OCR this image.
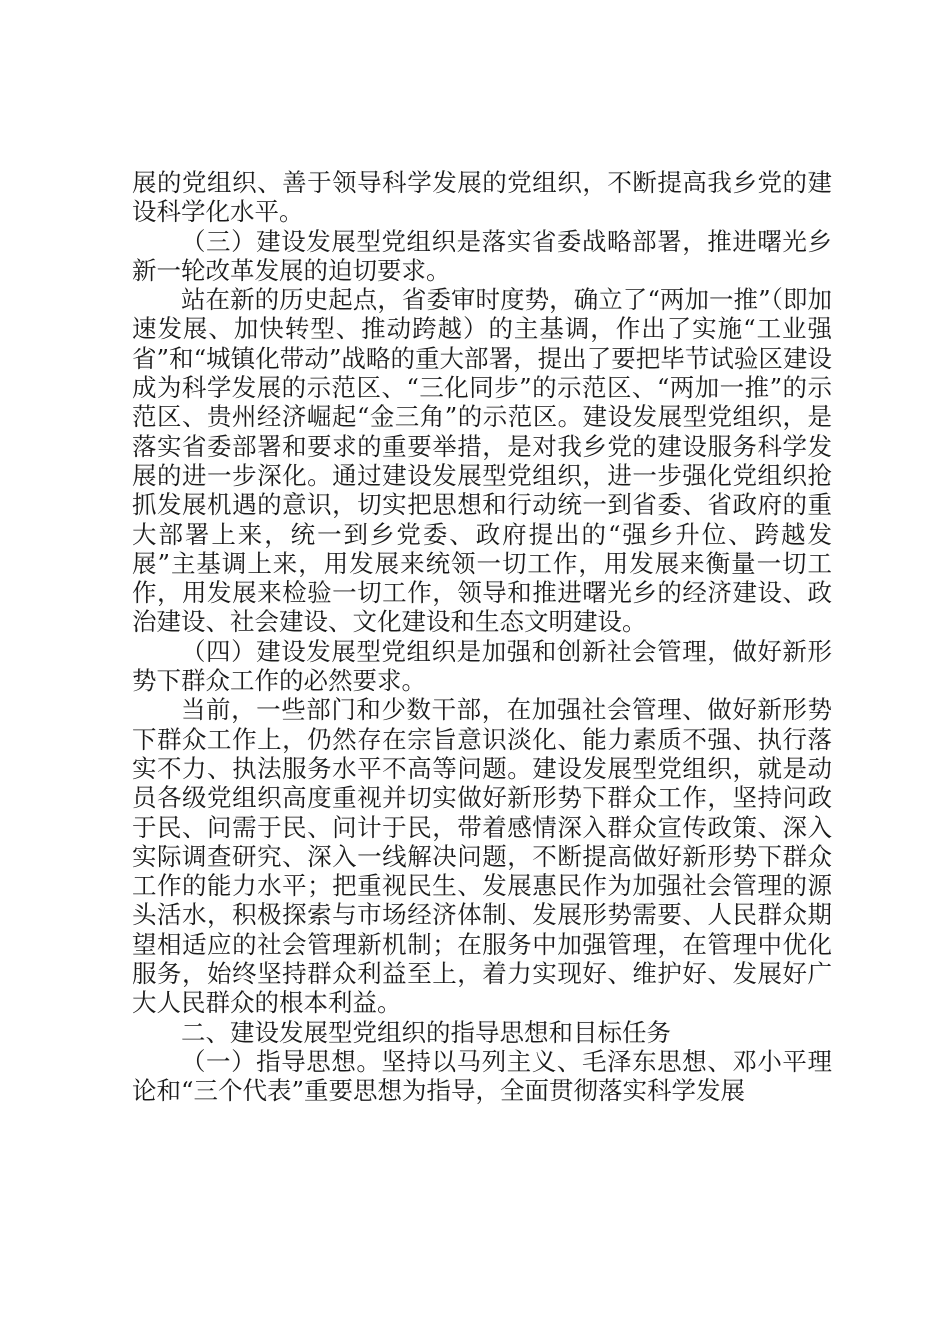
展的党组织、善于领导科学发展的党组织，不断提高我乡党的建设科学化水平。

（三）建设发展型党组织是落实省委战略部署，推进曙光乡新一轮改革发展的迫切要求。

站在新的历史起点，省委审时度势，确立了“两加一推”（即加速发展、加快转型、推动跨越）的主基调，作出了实施“工业强省”和“城镇化带动”战略的重大部署，提出了要把毕节试验区建设成为科学发展的示范区、“三化同步”的示范区、“两加一推”的示范区、贵州经济崛起“金三角”的示范区。建设发展型党组织，是落实省委部署和要求的重要举措，是对我乡党的建设服务科学发展的进一步深化。通过建设发展型党组织，进一步强化党组织抢抓发展机遇的意识，切实把思想和行动统一到省委、省政府的重大部署上来，统一到乡党委、政府提出的“强乡升位、跨越发展”主基调上来，用发展来统领一切工作，用发展来衡量一切工作，用发展来检验一切工作，领导和推进曙光乡的经济建设、政治建设、社会建设、文化建设和生态文明建设。

（四）建设发展型党组织是加强和创新社会管理，做好新形势下群众工作的必然要求。

当前，一些部门和少数干部，在加强社会管理、做好新形势下群众工作上，仍然存在宗旨意识淡化、能力素质不强、执行落实不力、执法服务水平不高等问题。建设发展型党组织，就是动员各级党组织高度重视并切实做好新形势下群众工作，坚持问政于民、问需于民、问计于民，带着感情深入群众宣传政策、深入实际调查研究、深入一线解决问题，不断提高做好新形势下群众工作的能力水平；把重视民生、发展惠民作为加强社会管理的源头活水，积极探索与市场经济体制、发展形势需要、人民群众期望相适应的社会管理新机制；在服务中加强管理，在管理中优化服务，始终坚持群众利益至上，着力实现好、维护好、发展好广大人民群众的根本利益。

二、建设发展型党组织的指导思想和目标任务

（一）指导思想。坚持以马列主义、毛泽东思想、邓小平理论和“三个代表”重要思想为指导，全面贯彻落实科学发展
